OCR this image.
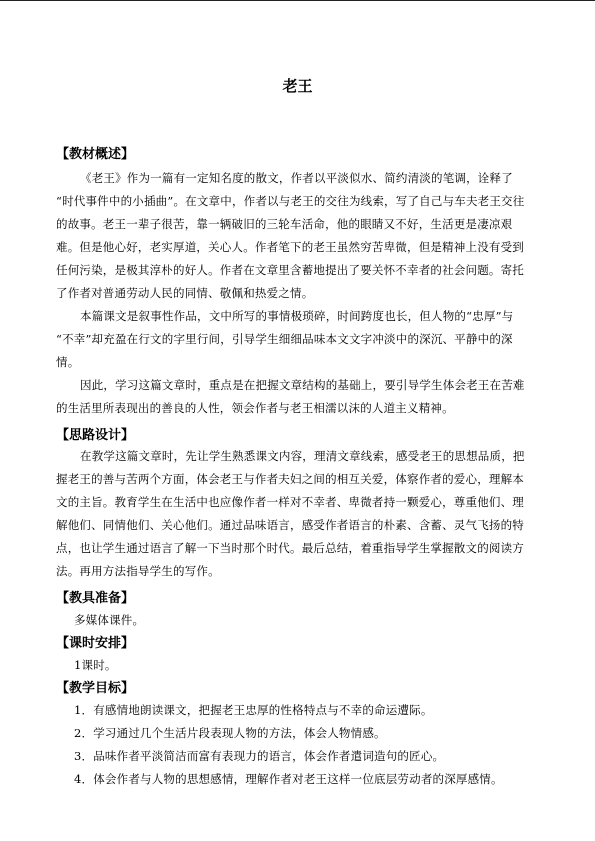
老王
【教材概述】
《老王》作为一篇有一定知名度的散文，作者以平淡似水、简约清淡的笔调，诠释了
“时代事件中的小插曲”。在文章中，作者以与老王的交往为线索，写了自己与车夫老王交往
的故事。老王一辈子很苦，靠一辆破旧的三轮车活命，他的眼睛又不好，生活更是凄凉艰
难。但是他心好，老实厚道，关心人。作者笔下的老王虽然穷苦卑微，但是精神上没有受到
任何污染，是极其淳朴的好人。作者在文章里含蓄地提出了要关怀不幸者的社会问题。寄托
了作者对普通劳动人民的同情、敬佩和热爱之情。
本篇课文是叙事性作品，文中所写的事情极琐碎，时间跨度也长，但人物的“忠厚”与
“不幸”却充盈在行文的字里行间，引导学生细细品味本文文字冲淡中的深沉、平静中的深
情。
因此，学习这篇文章时，重点是在把握文章结构的基础上，要引导学生体会老王在苦难
的生活里所表现出的善良的人性，领会作者与老王相濡以沫的人道主义精神。
【思路设计】
在教学这篇文章时，先让学生熟悉课文内容，理清文章线索，感受老王的思想品质，把
握老王的善与苦两个方面，体会老王与作者夫妇之间的相互关爱，体察作者的爱心，理解本
文的主旨。教育学生在生活中也应像作者一样对不幸者、卑微者持一颗爱心，尊重他们、理
解他们、同情他们、关心他们。通过品味语言，感受作者语言的朴素、含蓄、灵气飞扬的特
点，也让学生通过语言了解一下当时那个时代。最后总结，着重指导学生掌握散文的阅读方
法。再用方法指导学生的写作。
【教具准备】
多媒体课件。
【课时安排】
1课时。
【教学目标】
1．有感情地朗读课文，把握老王忠厚的性格特点与不幸的命运遭际。
2．学习通过几个生活片段表现人物的方法，体会人物情感。
3．品味作者平淡简洁而富有表现力的语言，体会作者遣词造句的匠心。
4．体会作者与人物的思想感情，理解作者对老王这样一位底层劳动者的深厚感情。
